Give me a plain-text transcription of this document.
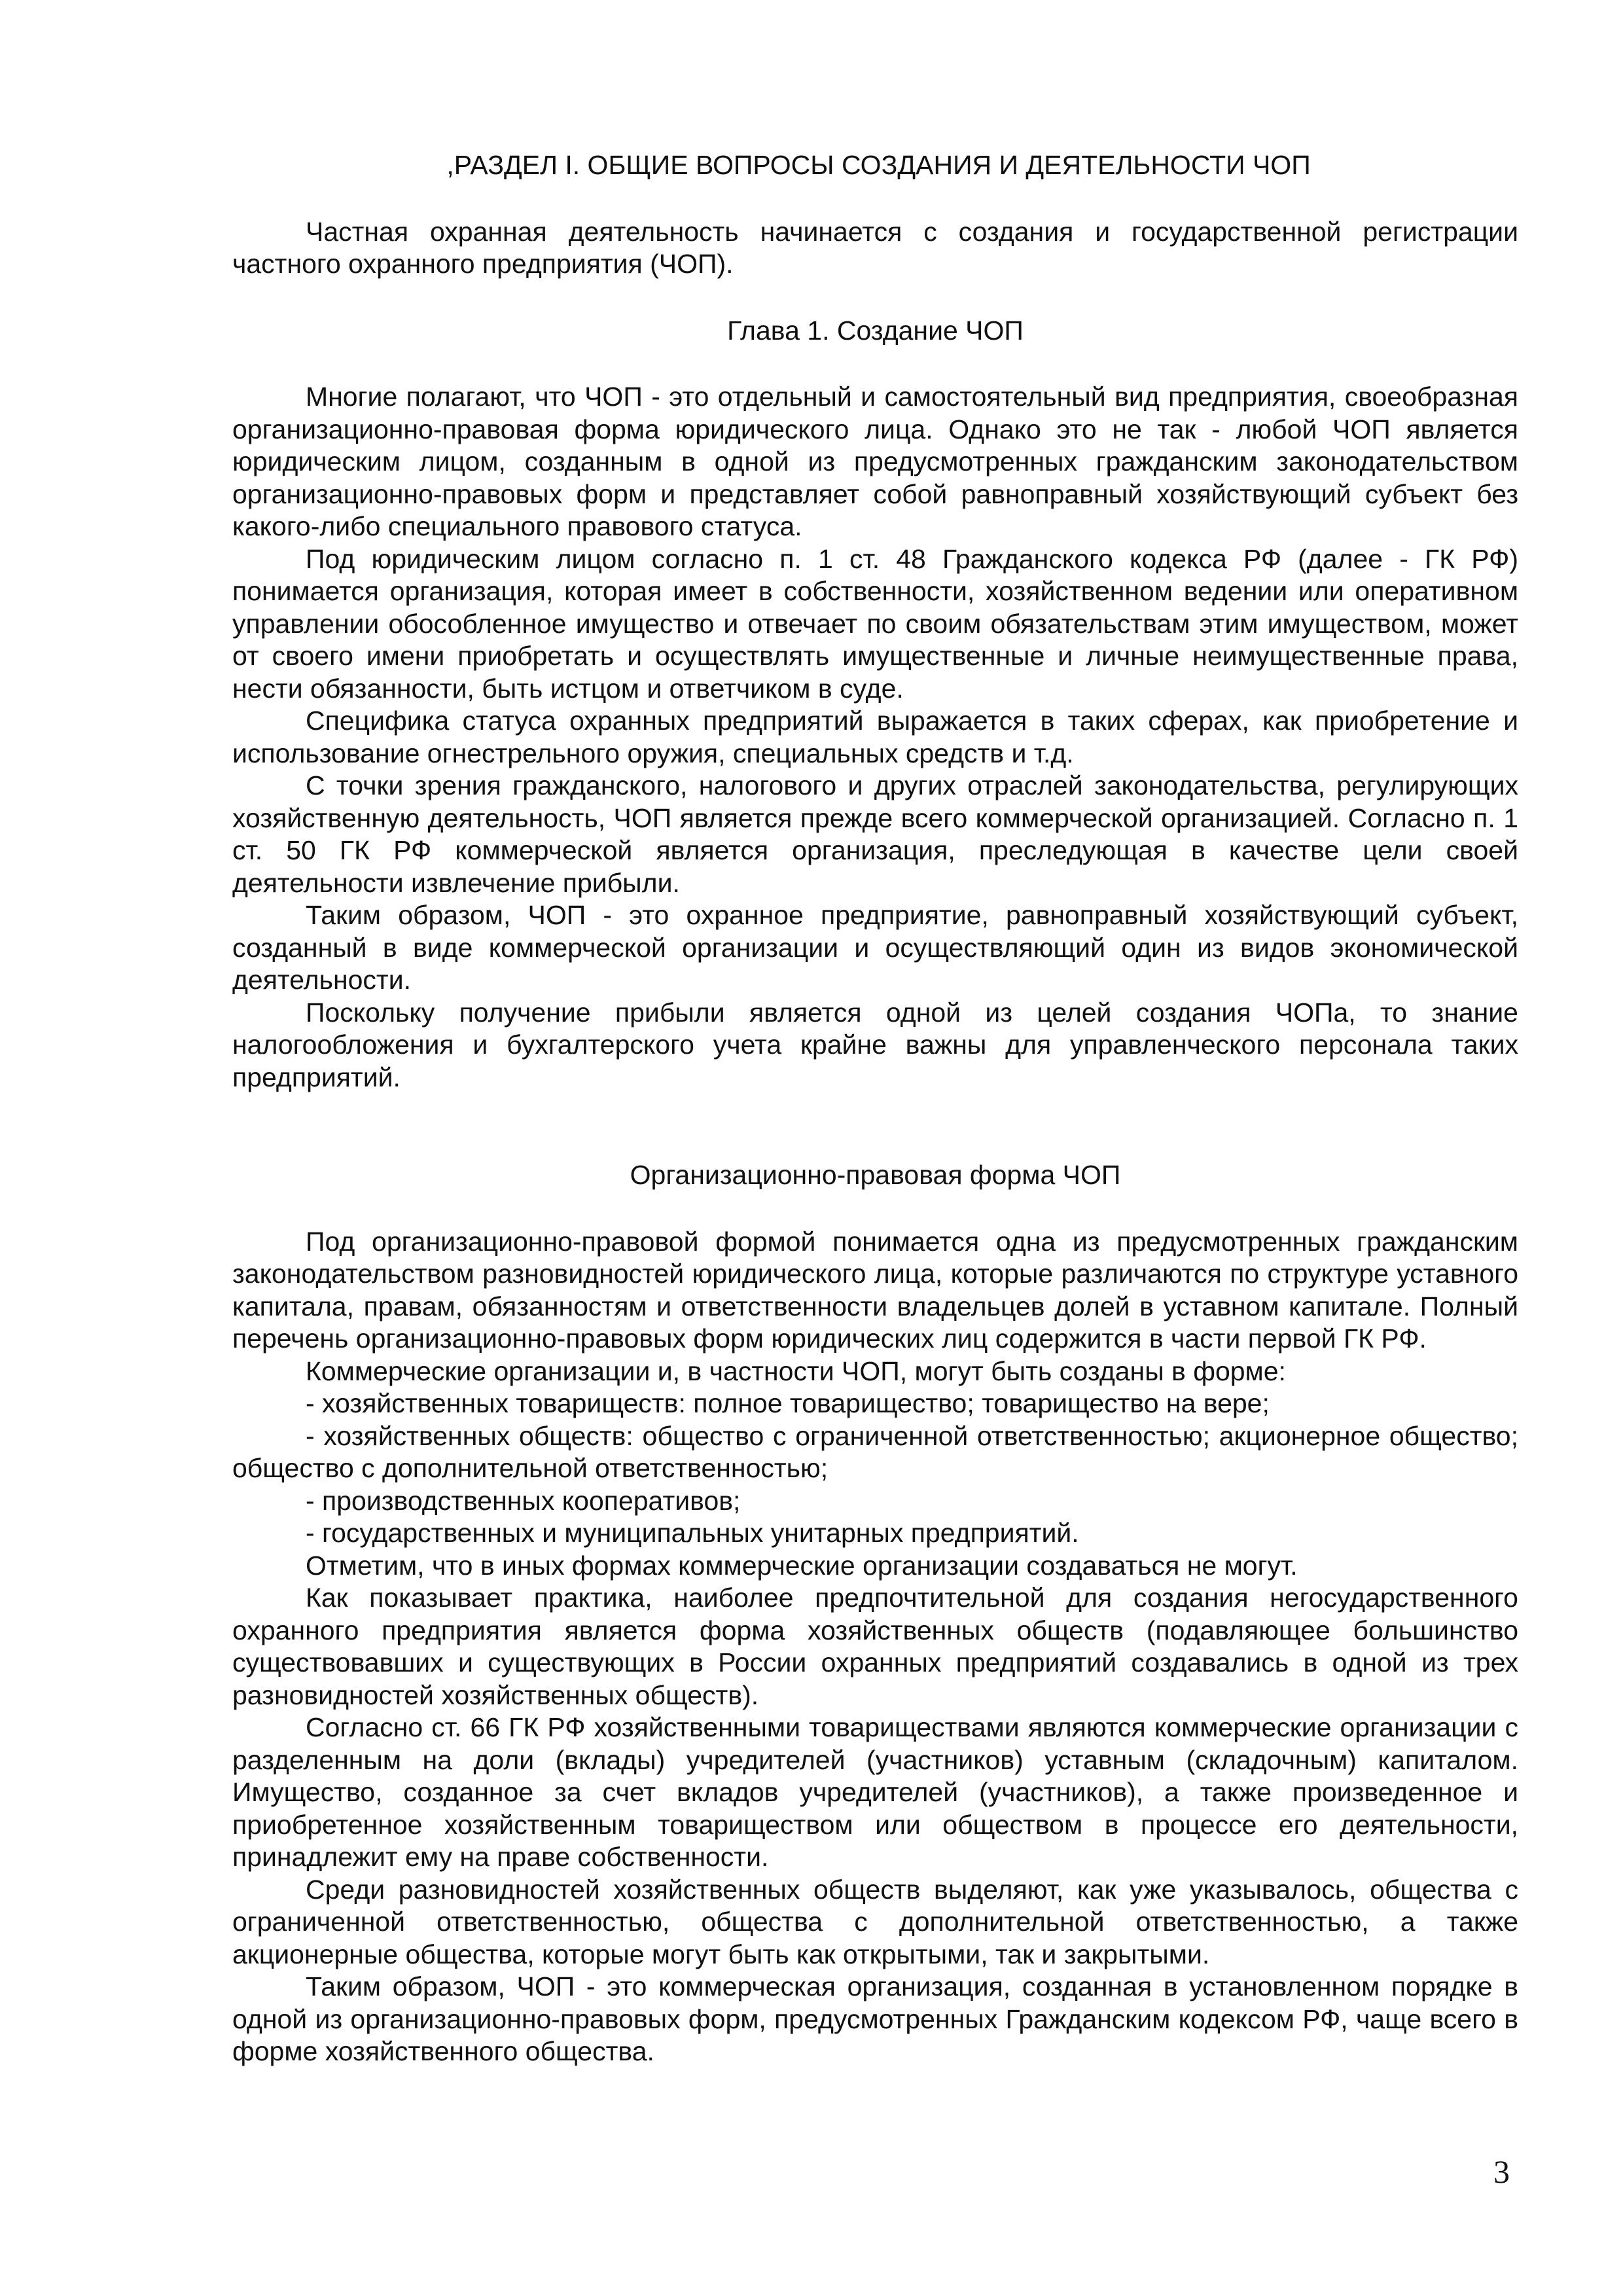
,РАЗДЕЛ I. ОБЩИЕ ВОПРОСЫ СОЗДАНИЯ И ДЕЯТЕЛЬНОСТИ ЧОП

Частная охранная деятельность начинается с создания и государственной регистрации частного охранного предприятия (ЧОП).

Глава 1. Создание ЧОП

Многие полагают, что ЧОП - это отдельный и самостоятельный вид предприятия, своеобразная организационно-правовая форма юридического лица. Однако это не так - любой ЧОП является юридическим лицом, созданным в одной из предусмотренных гражданским законодательством организационно-правовых форм и представляет собой равноправный хозяйствующий субъект без какого-либо специального правового статуса.

Под юридическим лицом согласно п. 1 ст. 48 Гражданского кодекса РФ (далее - ГК РФ) понимается организация, которая имеет в собственности, хозяйственном ведении или оперативном управлении обособленное имущество и отвечает по своим обязательствам этим имуществом, может от своего имени приобретать и осуществлять имущественные и личные неимущественные права, нести обязанности, быть истцом и ответчиком в суде.

Специфика статуса охранных предприятий выражается в таких сферах, как приобретение и использование огнестрельного оружия, специальных средств и т.д.

С точки зрения гражданского, налогового и других отраслей законодательства, регулирующих хозяйственную деятельность, ЧОП является прежде всего коммерческой организацией. Согласно п. 1 ст. 50 ГК РФ коммерческой является организация, преследующая в качестве цели своей деятельности извлечение прибыли.

Таким образом, ЧОП - это охранное предприятие, равноправный хозяйствующий субъект, созданный в виде коммерческой организации и осуществляющий один из видов экономической деятельности.

Поскольку получение прибыли является одной из целей создания ЧОПа, то знание налогообложения и бухгалтерского учета крайне важны для управленческого персонала таких предприятий.

Организационно-правовая форма ЧОП

Под организационно-правовой формой понимается одна из предусмотренных гражданским законодательством разновидностей юридического лица, которые различаются по структуре уставного капитала, правам, обязанностям и ответственности владельцев долей в уставном капитале. Полный перечень организационно-правовых форм юридических лиц содержится в части первой ГК РФ.

Коммерческие организации и, в частности ЧОП, могут быть созданы в форме:

- хозяйственных товариществ: полное товарищество; товарищество на вере;

- хозяйственных обществ: общество с ограниченной ответственностью; акционерное общество; общество с дополнительной ответственностью;

- производственных кооперативов;

- государственных и муниципальных унитарных предприятий.

Отметим, что в иных формах коммерческие организации создаваться не могут.

Как показывает практика, наиболее предпочтительной для создания негосударственного охранного предприятия является форма хозяйственных обществ (подавляющее большинство существовавших и существующих в России охранных предприятий создавались в одной из трех разновидностей хозяйственных обществ).

Согласно ст. 66 ГК РФ хозяйственными товариществами являются коммерческие организации с разделенным на доли (вклады) учредителей (участников) уставным (складочным) капиталом. Имущество, созданное за счет вкладов учредителей (участников), а также произведенное и приобретенное хозяйственным товариществом или обществом в процессе его деятельности, принадлежит ему на праве собственности.

Среди разновидностей хозяйственных обществ выделяют, как уже указывалось, общества с ограниченной ответственностью, общества с дополнительной ответственностью, а также акционерные общества, которые могут быть как открытыми, так и закрытыми.

Таким образом, ЧОП - это коммерческая организация, созданная в установленном порядке в одной из организационно-правовых форм, предусмотренных Гражданским кодексом РФ, чаще всего в форме хозяйственного общества.

3
